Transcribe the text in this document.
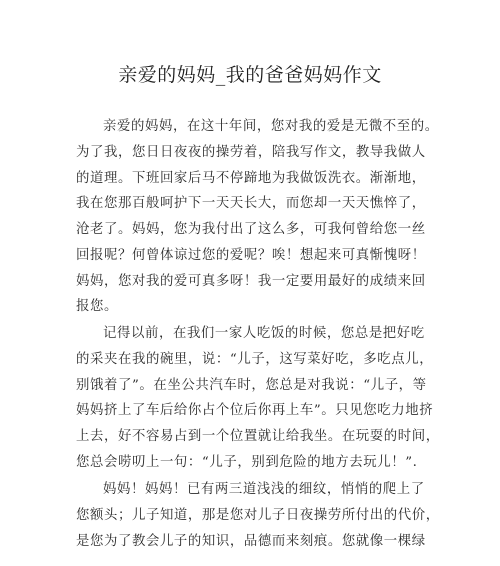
亲爱的妈妈_我的爸爸妈妈作文
亲爱的妈妈，在这十年间，您对我的爱是无微不至的。
为了我，您日日夜夜的操劳着，陪我写作文，教导我做人
的道理。下班回家后马不停蹄地为我做饭洗衣。渐渐地，
我在您那百般呵护下一天天长大，而您却一天天憔悴了，
沧老了。妈妈，您为我付出了这么多，可我何曾给您一丝
回报呢？何曾体谅过您的爱呢？唉！想起来可真惭愧呀！
妈妈，您对我的爱可真多呀！我一定要用最好的成绩来回
报您。
记得以前，在我们一家人吃饭的时候，您总是把好吃
的采夹在我的碗里，说：“儿子，这写菜好吃，多吃点儿，
别饿着了”。在坐公共汽车时，您总是对我说：“儿子，等
妈妈挤上了车后给你占个位后你再上车”。只见您吃力地挤
上去，好不容易占到一个位置就让给我坐。在玩耍的时间，
您总会唠叨上一句：“儿子，别到危险的地方去玩儿！”.
妈妈！妈妈！已有两三道浅浅的细纹，悄悄的爬上了
您额头；儿子知道，那是您对儿子日夜操劳所付出的代价，
是您为了教会儿子的知识，品德而来刻痕。您就像一棵绿
